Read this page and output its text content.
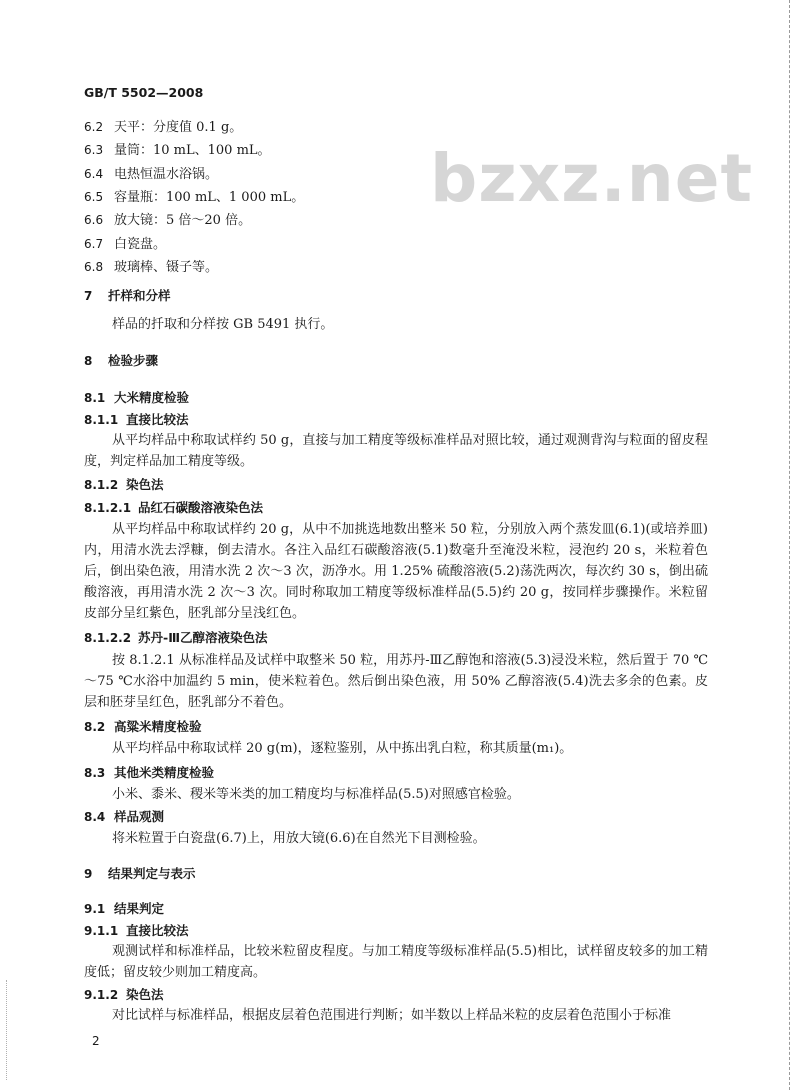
GB/T 5502—2008
bzxz.net
6.2 天平：分度值 0.1 g。
6.3 量筒：10 mL、100 mL。
6.4 电热恒温水浴锅。
6.5 容量瓶：100 mL、1 000 mL。
6.6 放大镜：5 倍～20 倍。
6.7 白瓷盘。
6.8 玻璃棒、镊子等。
7 扦样和分样
样品的扦取和分样按 GB 5491 执行。
8 检验步骤
8.1 大米精度检验
8.1.1 直接比较法

从平均样品中称取试样约 50 g，直接与加工精度等级标准样品对照比较，通过观测背沟与粒面的留皮程度，判定样品加工精度等级。

8.1.2 染色法
8.1.2.1 品红石碳酸溶液染色法

从平均样品中称取试样约 20 g，从中不加挑选地数出整米 50 粒，分别放入两个蒸发皿(6.1)(或培养皿)内，用清水洗去浮糠，倒去清水。各注入品红石碳酸溶液(5.1)数毫升至淹没米粒，浸泡约 20 s，米粒着色后，倒出染色液，用清水洗 2 次～3 次，沥净水。用 1.25% 硫酸溶液(5.2)荡洗两次，每次约 30 s，倒出硫酸溶液，再用清水洗 2 次～3 次。同时称取加工精度等级标准样品(5.5)约 20 g，按同样步骤操作。米粒留皮部分呈红紫色，胚乳部分呈浅红色。

8.1.2.2 苏丹-Ⅲ乙醇溶液染色法

按 8.1.2.1 从标准样品及试样中取整米 50 粒，用苏丹-Ⅲ乙醇饱和溶液(5.3)浸没米粒，然后置于 70 ℃～75 ℃水浴中加温约 5 min，使米粒着色。然后倒出染色液，用 50% 乙醇溶液(5.4)洗去多余的色素。皮层和胚芽呈红色，胚乳部分不着色。

8.2 高粱米精度检验

从平均样品中称取试样 20 g(m)，逐粒鉴别，从中拣出乳白粒，称其质量(m₁)。

8.3 其他米类精度检验

小米、黍米、稷米等米类的加工精度均与标准样品(5.5)对照感官检验。

8.4 样品观测

将米粒置于白瓷盘(6.7)上，用放大镜(6.6)在自然光下目测检验。

9 结果判定与表示
9.1 结果判定
9.1.1 直接比较法

观测试样和标准样品，比较米粒留皮程度。与加工精度等级标准样品(5.5)相比，试样留皮较多的加工精度低；留皮较少则加工精度高。

9.1.2 染色法

对比试样与标准样品，根据皮层着色范围进行判断；如半数以上样品米粒的皮层着色范围小于标准

2
